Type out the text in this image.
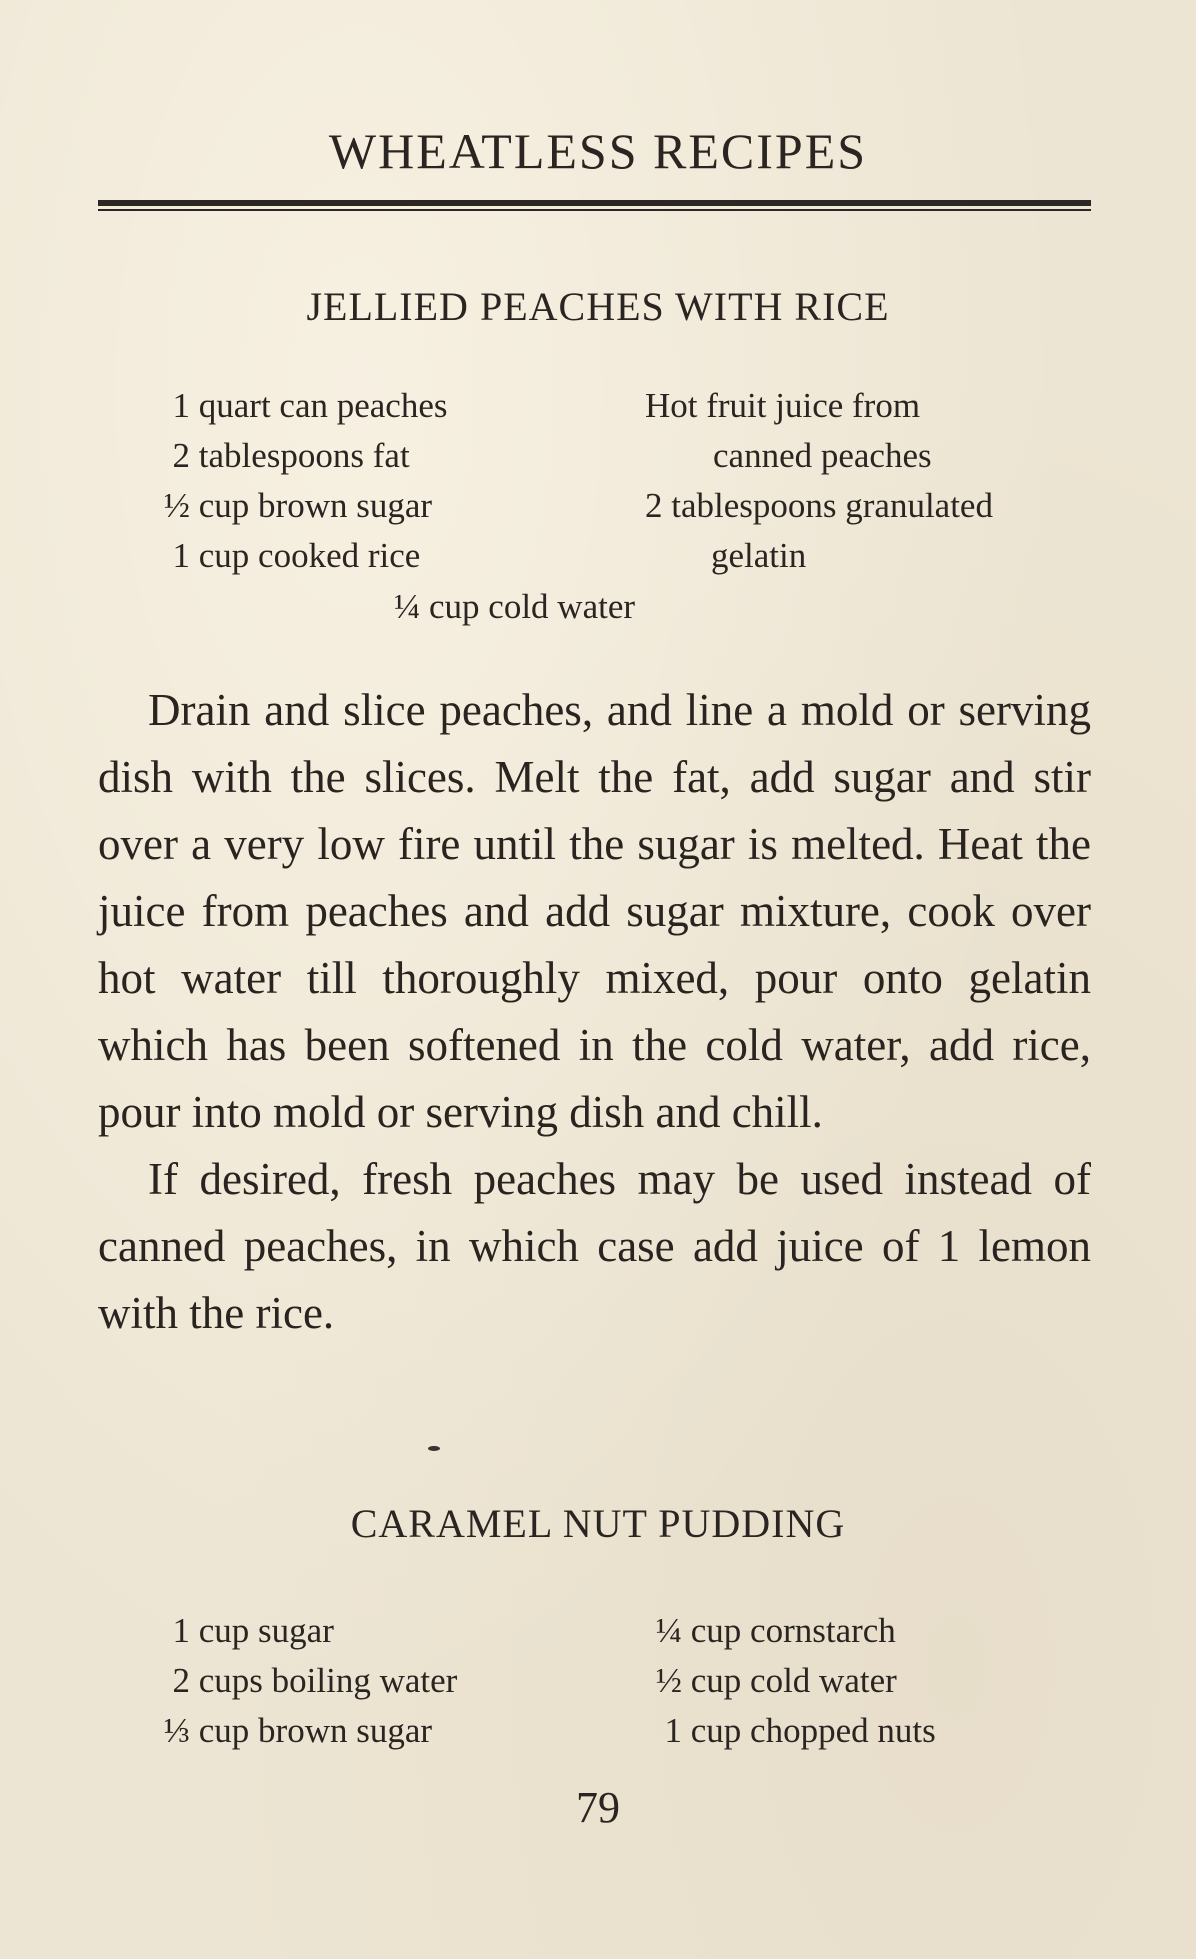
WHEATLESS RECIPES
JELLIED PEACHES WITH RICE
1 quart can peaches
2 tablespoons fat
½ cup brown sugar
1 cup cooked rice
Hot fruit juice from
canned peaches
2 tablespoons granulated
gelatin
¼ cup cold water

Drain and slice peaches, and line a mold or serving dish with the slices. Melt the fat, add sugar and stir over a very low fire until the sugar is melted. Heat the juice from peaches and add sugar mixture, cook over hot water till thoroughly mixed, pour onto gelatin which has been softened in the cold water, add rice, pour into mold or serving dish and chill.

If desired, fresh peaches may be used instead of canned peaches, in which case add juice of 1 lemon with the rice.

CARAMEL NUT PUDDING
1 cup sugar
2 cups boiling water
⅓ cup brown sugar
¼ cup cornstarch
½ cup cold water
1 cup chopped nuts
79
